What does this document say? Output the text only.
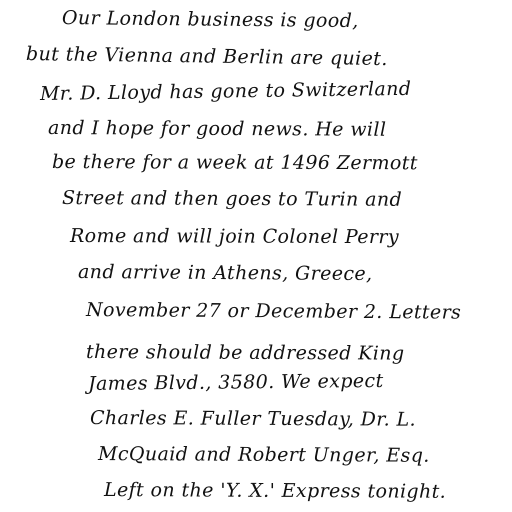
Our London business is good,
but the Vienna and Berlin are quiet.
Mr. D. Lloyd has gone to Switzerland
and I hope for good news. He will
be there for a week at 1496 Zermott
Street and then goes to Turin and
Rome and will join Colonel Perry
and arrive in Athens, Greece,
November 27 or December 2. Letters
there should be addressed King
James Blvd., 3580. We expect
Charles E. Fuller Tuesday, Dr. L.
McQuaid and Robert Unger, Esq.
Left on the 'Y. X.' Express tonight.
